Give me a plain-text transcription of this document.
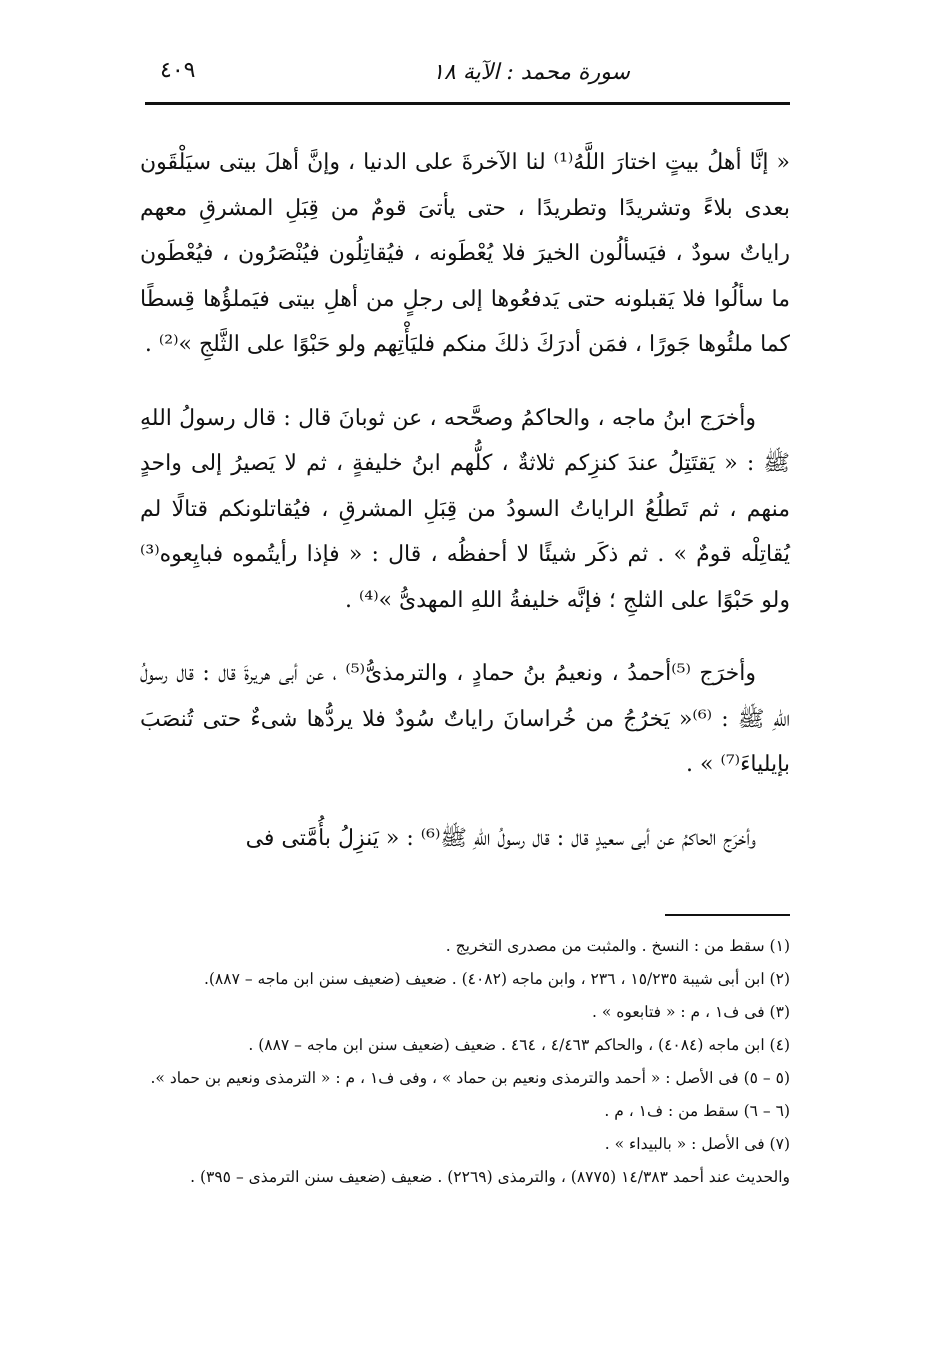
سورة محمد : الآية ١٨
٤٠٩

« إنَّا أهلُ بيتٍ اختارَ اللَّهُ⁽¹⁾ لنا الآخرةَ على الدنيا ، وإنَّ أهلَ بيتى سيَلْقَون بعدى بلاءً وتشريدًا وتطريدًا ، حتى يأتىَ قومٌ من قِبَلِ المشرقِ معهم راياتٌ سودٌ ، فيَسألُون الخيرَ فلا يُعْطَونه ، فيُقاتِلُون فيُنْصَرُون ، فيُعْطَون ما سألُوا فلا يَقبلونه حتى يَدفعُوها إلى رجلٍ من أهلِ بيتى فيَملؤُها قِسطًا كما ملئُوها جَورًا ، فمَن أدرَكَ ذلكَ منكم فليَأْتِهم ولو حَبْوًا على الثَّلجِ »⁽²⁾ .

وأخرَج ابنُ ماجه ، والحاكمُ وصحَّحه ، عن ثوبانَ قال : قال رسولُ اللهِ ﷺ : « يَقتَتِلُ عندَ كنزِكم ثلاثةٌ ، كلُّهم ابنُ خليفةٍ ، ثم لا يَصيرُ إلى واحدٍ منهم ، ثم تَطلُعُ الراياتُ السودُ من قِبَلِ المشرقِ ، فيُقاتلونكم قتالًا لم يُقاتِلْه قومٌ » . ثم ذكَر شيئًا لا أحفظُه ، قال : « فإذا رأيتُموه فبايِعوه⁽³⁾ ولو حَبْوًا على الثلجِ ؛ فإنَّه خليفةُ اللهِ المهدىُّ »⁽⁴⁾ .

وأخرَج ⁽⁵⁾أحمدُ ، ونعيمُ بنُ حمادٍ ، والترمذىُّ⁽⁵⁾ ، عن أبى هريرةَ قال : قال رسولُ اللهِ ﷺ : ⁽⁶⁾« يَخرُجُ من خُراسانَ راياتٌ سُودٌ فلا يردُّها شىءٌ حتى تُنصَبَ بإيلياءَ⁽⁷⁾ » .

وأخرَج الحاكمُ عن أبى سعيدٍ قال : قال رسولُ اللهِ ﷺ⁽⁶⁾ : « يَنزِلُ بأُمَّتى فى

(١) سقط من : النسخ . والمثبت من مصدرى التخريج .

(٢) ابن أبى شيبة ١٥/٢٣٥ ، ٢٣٦ ، وابن ماجه (٤٠٨٢) . ضعيف (ضعيف سنن ابن ماجه – ٨٨٧).

(٣) فى ف١ ، م : « فتابعوه » .

(٤) ابن ماجه (٤٠٨٤) ، والحاكم ٤/٤٦٣ ، ٤٦٤ . ضعيف (ضعيف سنن ابن ماجه – ٨٨٧) .

(٥ – ٥) فى الأصل : « أحمد والترمذى ونعيم بن حماد » ، وفى ف١ ، م : « الترمذى ونعيم بن حماد ».

(٦ – ٦) سقط من : ف١ ، م .

(٧) فى الأصل : « بالبيداء » .

والحديث عند أحمد ١٤/٣٨٣ (٨٧٧٥) ، والترمذى (٢٢٦٩) . ضعيف (ضعيف سنن الترمذى – ٣٩٥) .
